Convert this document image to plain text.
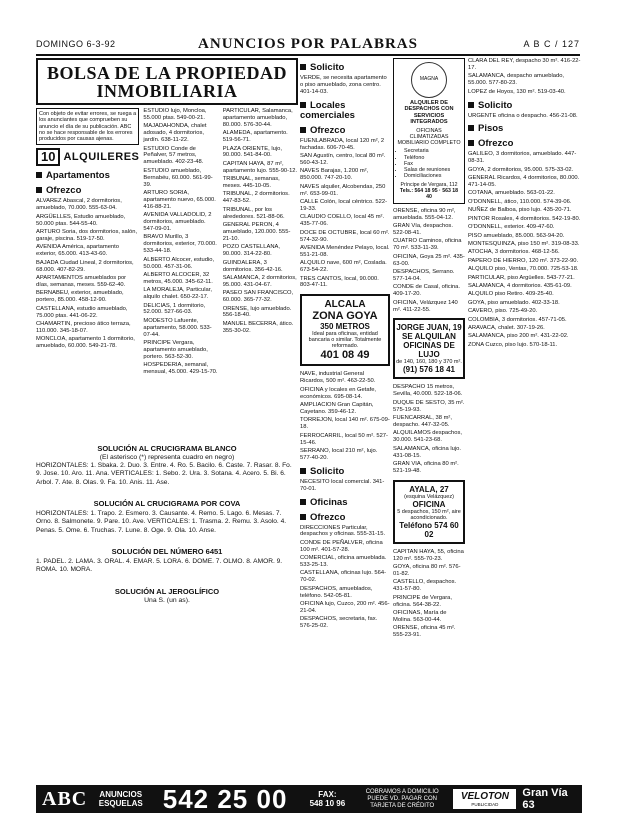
DOMINGO 6-3-92	ANUNCIOS POR PALABRAS	A B C / 127
BOLSA DE LA PROPIEDAD
INMOBILIARIA
Con objeto de evitar errores, se ruega a los anunciantes que comprueben su anuncio el día de su publicación. ABC no se hace responsable de los errores producidos por causas ajenas.
10 ALQUILERES
Apartamentos
Ofrezco

ALVAREZ Abascal, 2 dormitorios, amueblado, 70.000. 555-63-04.

ARGÜELLES, Estudio amueblado, 50.000 ptas. 544-55-40.

ARTURO Soria, dos dormitorios, salón, garaje, piscina. 519-17-50.

AVENIDA América, apartamento exterior, 65.000. 413-43-60.

BAJADA Ciudad Lineal, 2 dormitorios, 68.000. 407-82-29.

APARTAMENTOS amueblados por días, semanas, meses. 559-62-40.

BERNABEU, exterior, amueblado, portero, 85.000. 458-12-90.

CASTELLANA, estudio amueblado, 75.000 ptas. 441-06-22.

CHAMARTIN, precioso ático terraza, 110.000. 345-18-07.

MONCLOA, apartamento 1 dormitorio, amueblado, 60.000. 549-21-78.

ESTUDIO lujo, Moncloa, 55.000 ptas. 549-00-21.

MAJADAHONDA, chalet adosado, 4 dormitorios, jardín. 638-11-22.

ESTUDIO Conde de Peñalver, 57 metros, amueblado. 402-23-48.

ESTUDIO amueblado, Bernabéu, 60.000. 561-99-39.

ARTURO SORIA, apartamento nuevo, 65.000. 416-88-21.

AVENIDA VALLADOLID, 2 dormitorios, amueblado. 547-09-01.

BRAVO Murillo, 3 dormitorios, exterior, 70.000. 533-44-18.

ALBERTO Alcocer, estudio, 50.000. 457-31-06.

ALBERTO ALCOCER, 32 metros, 45.000. 345-62-11.

LA MORALEJA, Particular, alquilo chalet. 650-22-17.

DELICIAS, 1 dormitorio, 52.000. 527-66-03.

MODESTO Lafuente, apartamento, 58.000. 533-07-44.

PRINCIPE Vergara, apartamento amueblado, portero. 563-52-30.

HOSPEDERIA, semanal, mensual, 45.000. 429-15-70.

PARTICULAR, Salamanca, apartamento amueblado, 80.000. 576-30-44.

ALAMEDA, apartamento. 519-56-71.

PLAZA ORIENTE, lujo, 90.000. 541-84-00.

CAPITAN HAYA, 87 m², apartamento lujo. 555-90-12.

TRIBUNAL, semanas, meses. 445-10-05.

TRIBUNAL, 2 dormitorios. 447-83-52.

TRIBUNAL, por los alrededores. 521-88-06.

GENERAL PERON, 4 amueblado, 120.000. 555-21-10.

POZO CASTELLANA, 90.000. 314-22-80.

GUINDALERA, 3 dormitorios. 356-42-16.

SALAMANCA, 2 dormitorios, 95.000. 431-04-67.

PASEO SAN FRANCISCO, 60.000. 365-77-32.

ORENSE, lujo amueblado. 556-18-40.

MANUEL BECERRA, ático. 355-30-02.

SOLUCIÓN AL CRUCIGRAMA BLANCO
(El asterisco (*) representa cuadro en negro)
HORIZONTALES: 1. Sbaka. 2. Duo. 3. Entre. 4. Ro. 5. Bacilo. 6. Caste. 7. Rasar. 8. Fo. 9. Jose. 10. Aro. 11. Ana. VERTICALES: 1. Sebo. 2. Ura. 3. Sotana. 4. Acero. 5. Bi. 6. Arbol. 7. Ate. 8. Olas. 9. Fa. 10. Anis. 11. Ase.
SOLUCIÓN AL CRUCIGRAMA POR COVA
HORIZONTALES: 1. Trapo. 2. Esmero. 3. Causante. 4. Remo. 5. Lago. 6. Mesas. 7. Orno. 8. Salmonete. 9. Pare. 10. Ave. VERTICALES: 1. Trasma. 2. Remu. 3. Asolo. 4. Penas. 5. Ome. 6. Truchas. 7. Lune. 8. Oge. 9. Ola. 10. Anse.
SOLUCIÓN DEL NÚMERO 6451
1. PADEL. 2. LAMA. 3. ORAL. 4. EMAR. 5. LORA. 6. DOME. 7. OLMO. 8. AMOR. 9. ROMA. 10. MORA.
SOLUCIÓN AL JEROGLÍFICO
Una S. (un as).
Solicito

VERDE, se necesita apartamento o piso amueblado, zona centro. 401-14-03.

Locales comerciales
Ofrezco

FUENLABRADA, local 120 m², 2 fachadas. 606-70-45.

SAN Agustín, centro, local 80 m². 560-43-12.

NAVES Barajas, 1.200 m², 850.000. 747-20-10.

NAVES alquiler, Alcobendas, 250 m². 653-99-01.

CALLE Colón, local céntrico. 522-19-33.

CLAUDIO COELLO, local 45 m². 435-77-06.

DOCE DE OCTUBRE, local 60 m². 574-32-90.

AVENIDA Menéndez Pelayo, local. 551-21-08.

ALQUILO nave, 600 m², Coslada. 673-54-22.

TRES CANTOS, local, 90.000. 803-47-11.

ALCALA
ZONA GOYA
350 METROS
Ideal para oficinas, entidad bancaria o similar. Totalmente reformado.
401 08 49

NAVE, industrial General Ricardos, 500 m². 463-22-50.

OFICINA y locales en Getafe, económicos. 695-08-14.

AMPLIACION Gran Capitán, Cayetano. 359-46-12.

TORREJON, local 140 m². 675-09-18.

FERROCARRIL, local 50 m². 527-15-46.

SERRANO, local 210 m², lujo. 577-40-20.

Solicito

NECESITO local comercial. 341-70-01.

Oficinas
Ofrezco

DIRECCIONES Particular, despachos y oficinas. 555-31-15.

CONDE DE PEÑALVER, oficina 100 m². 401-57-28.

COMERCIAL, oficina amueblada. 533-25-13.

CASTELLANA, oficinas lujo. 564-70-02.

DESPACHOS, amueblados, teléfono. 542-05-81.

OFICINA lujo, Cuzco, 200 m². 456-21-04.

DESPACHOS, secretaria, fax. 576-25-02.

MAGNA
ALQUILER DE DESPACHOS CON SERVICIOS INTEGRADOS
OFICINAS CLIMATIZADAS MOBILIARIO COMPLETO
• Secretaria
• Teléfono
• Fax
• Salas de reuniones
• Domiciliaciones
Príncipe de Vergara, 112
Tels.: 564 18 95 · 563 18 40

ORENSE, oficina 90 m², amueblada. 555-04-12.

GRAN Vía, despachos. 522-08-41.

CUATRO Caminos, oficina 70 m². 533-11-39.

OFICINA, Goya 25 m². 435-63-00.

DESPACHOS, Serrano. 577-14-04.

CONDE de Casal, oficina. 409-17-20.

OFICINA, Velázquez 140 m². 411-22-55.

JORGE JUAN, 19
SE ALQUILAN
OFICINAS DE LUJO
de 140, 160, 180 y 370 m².
(91) 576 18 41

DESPACHO 15 metros, Sevilla, 40.000. 522-18-06.

DUQUE DE SESTO, 35 m². 575-19-93.

FUENCARRAL, 38 m², despacho. 447-32-05.

ALQUILAMOS despachos, 30.000. 541-23-68.

SALAMANCA, oficina lujo. 431-08-15.

GRAN VIA, oficina 80 m². 521-19-48.

AYALA, 27
(esquina Velázquez)
OFICINA
5 despachos, 150 m², aire acondicionado.
Teléfono 574 60 02

CAPITAN HAYA, 55, oficina 120 m². 555-70-23.

GOYA, oficina 80 m². 576-01-82.

CASTELLO, despachos. 431-57-80.

PRINCIPE de Vergara, oficina. 564-38-22.

OFICINAS, María de Molina. 563-00-44.

ORENSE, oficina 45 m². 555-23-91.

CLARA DEL REY, despacho 30 m². 416-22-17.

SALAMANCA, despacho amueblado, 55.000. 577-80-23.

LOPEZ de Hoyos, 130 m². 519-03-40.

Solicito

URGENTE oficina o despacho. 456-21-08.

Pisos
Ofrezco

GALILEO, 3 dormitorios, amueblado. 447-08-31.

GOYA, 2 dormitorios, 95.000. 575-33-02.

GENERAL Ricardos, 4 dormitorios, 80.000. 471-14-05.

COTANA, amueblado. 563-01-22.

O'DONNELL, ático, 110.000. 574-39-06.

NUÑEZ de Balboa, piso lujo. 435-20-71.

PINTOR Rosales, 4 dormitorios. 542-19-80.

O'DONNELL, exterior. 409-47-60.

PISO amueblado, 85.000. 563-94-20.

MONTESQUINZA, piso 150 m². 319-08-33.

ATOCHA, 3 dormitorios. 468-12-56.

PAPERO DE HIERRO, 120 m². 373-22-90.

ALQUILO piso, Ventas, 70.000. 725-53-18.

PARTICULAR, piso Argüelles. 543-77-21.

SALAMANCA, 4 dormitorios. 435-61-09.

ALQUILO piso Retiro. 409-25-40.

GOYA, piso amueblado. 402-33-18.

CAVERO, piso. 725-49-20.

COLOMBIA, 3 dormitorios. 457-71-05.

ARAVACA, chalet. 307-19-26.

SALAMANCA, piso 200 m². 431-22-02.

ZONA Cuzco, piso lujo. 570-18-11.

ABC	ANUNCIOS ESQUELAS 542 25 00	FAX:
548 10 96
COBRAMOS A DOMICILIO PUEDE VD. PAGAR CON TARJETA DE CRÉDITO
VELOTON
PUBLICIDAD
Gran Vía 63
